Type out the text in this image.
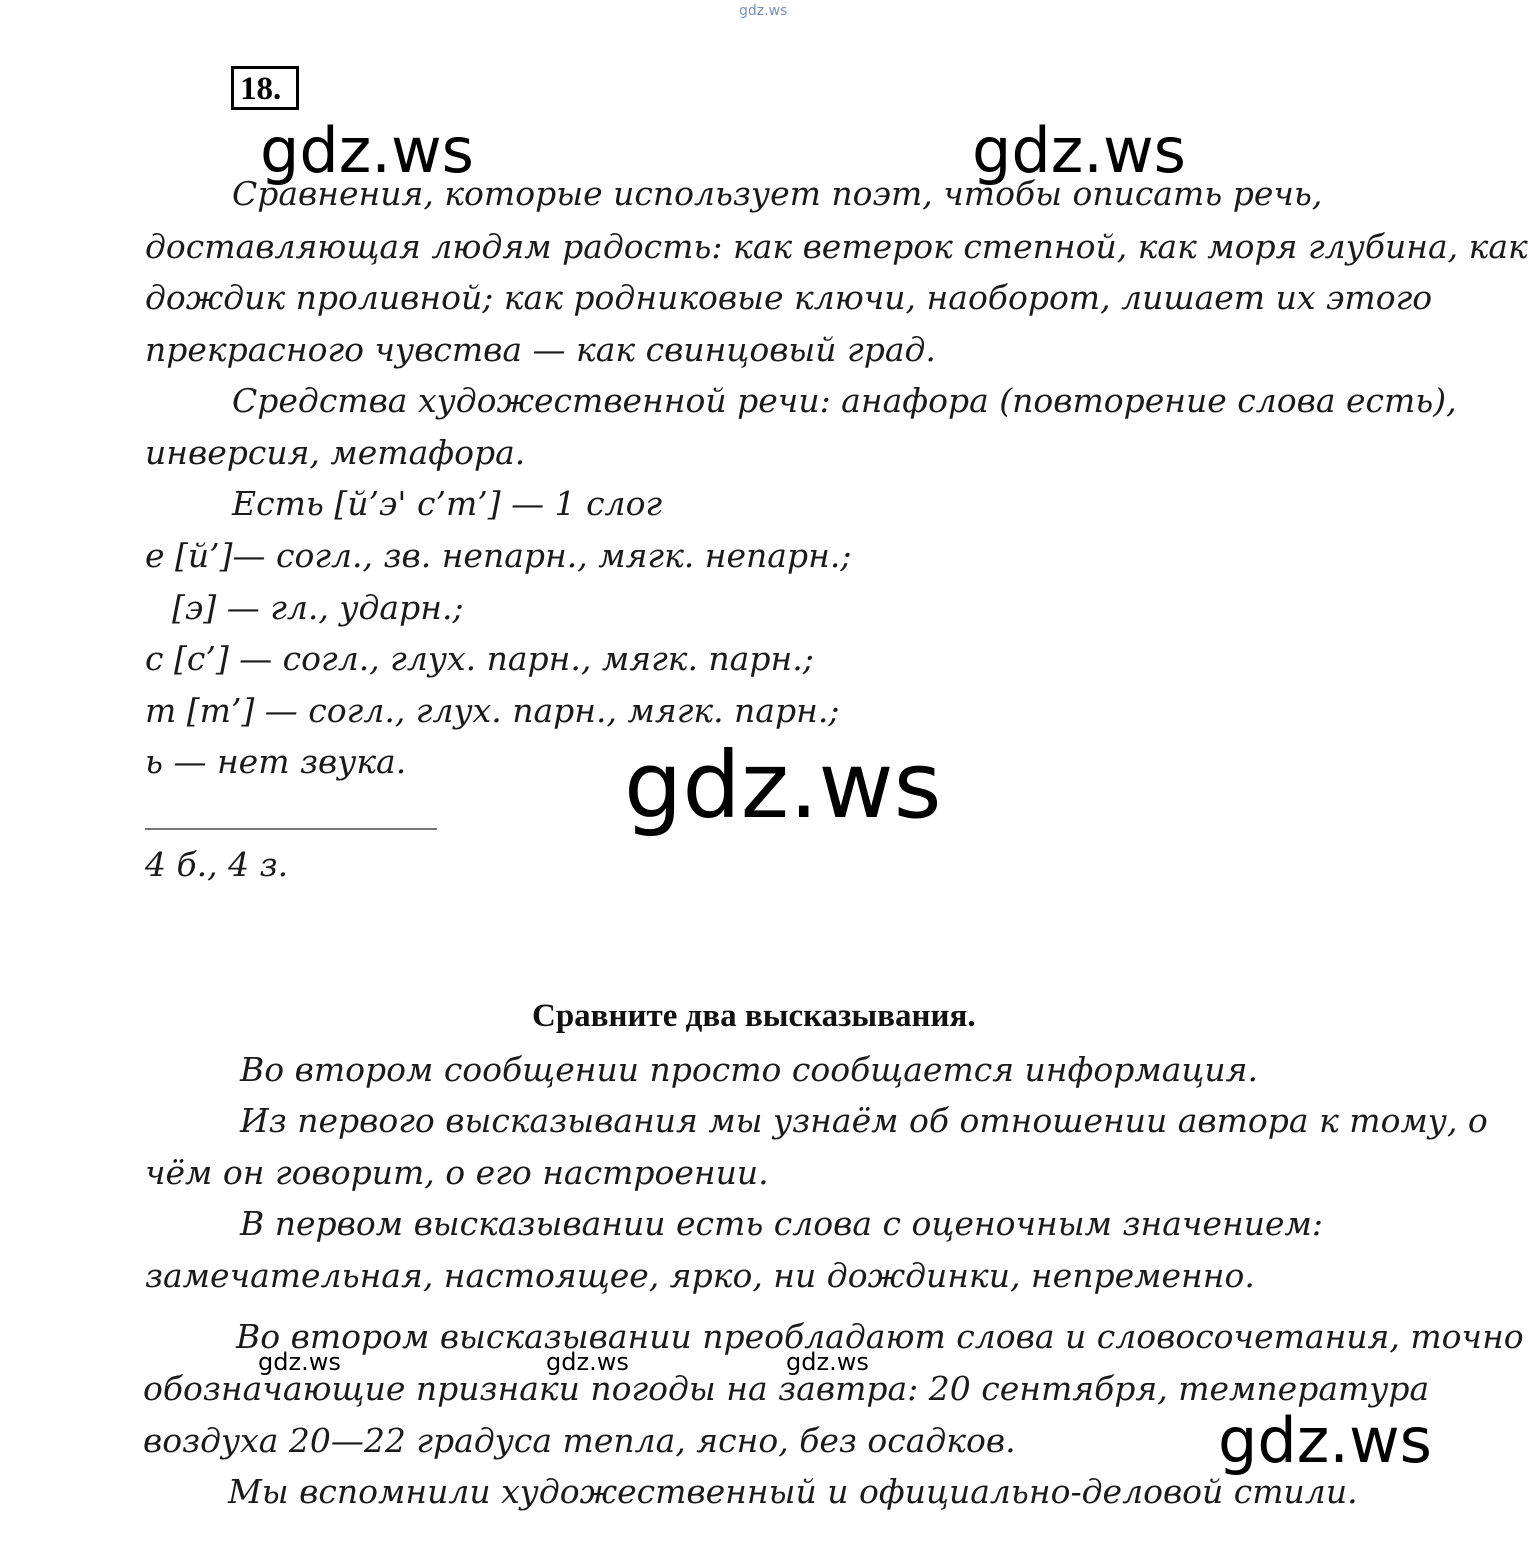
gdz.ws
18.
gdz.ws	gdz.ws
Сравнения, которые использует поэт, чтобы описать речь,
доставляющая людям радость: как ветерок степной, как моря глубина, как
дождик проливной; как родниковые ключи, наоборот, лишает их этого
прекрасного чувства — как свинцовый град.
Средства художественной речи: анафора (повторение слова есть),
инверсия, метафора.
Есть [й’э' с’т’] — 1 слог
е [й’]— согл., зв. непарн., мягк. непарн.;
[э] — гл., ударн.;
с [с’] — согл., глух. парн., мягк. парн.;
т [т’] — согл., глух. парн., мягк. парн.;
ь — нет звука. gdz.ws
4 б., 4 з.
Сравните два высказывания.
Во втором сообщении просто сообщается информация.
Из первого высказывания мы узнаём об отношении автора к тому, о
чём он говорит, о его настроении.
В первом высказывании есть слова с оценочным значением:
замечательная, настоящее, ярко, ни дождинки, непременно.
Во втором высказывании преобладают слова и словосочетания, точно
gdz.ws	gdz.ws	gdz.ws
обозначающие признаки погоды на завтра: 20 сентября, температура
воздуха 20—22 градуса тепла, ясно, без осадков.	gdz.ws
Мы вспомнили художественный и официально-деловой стили.
